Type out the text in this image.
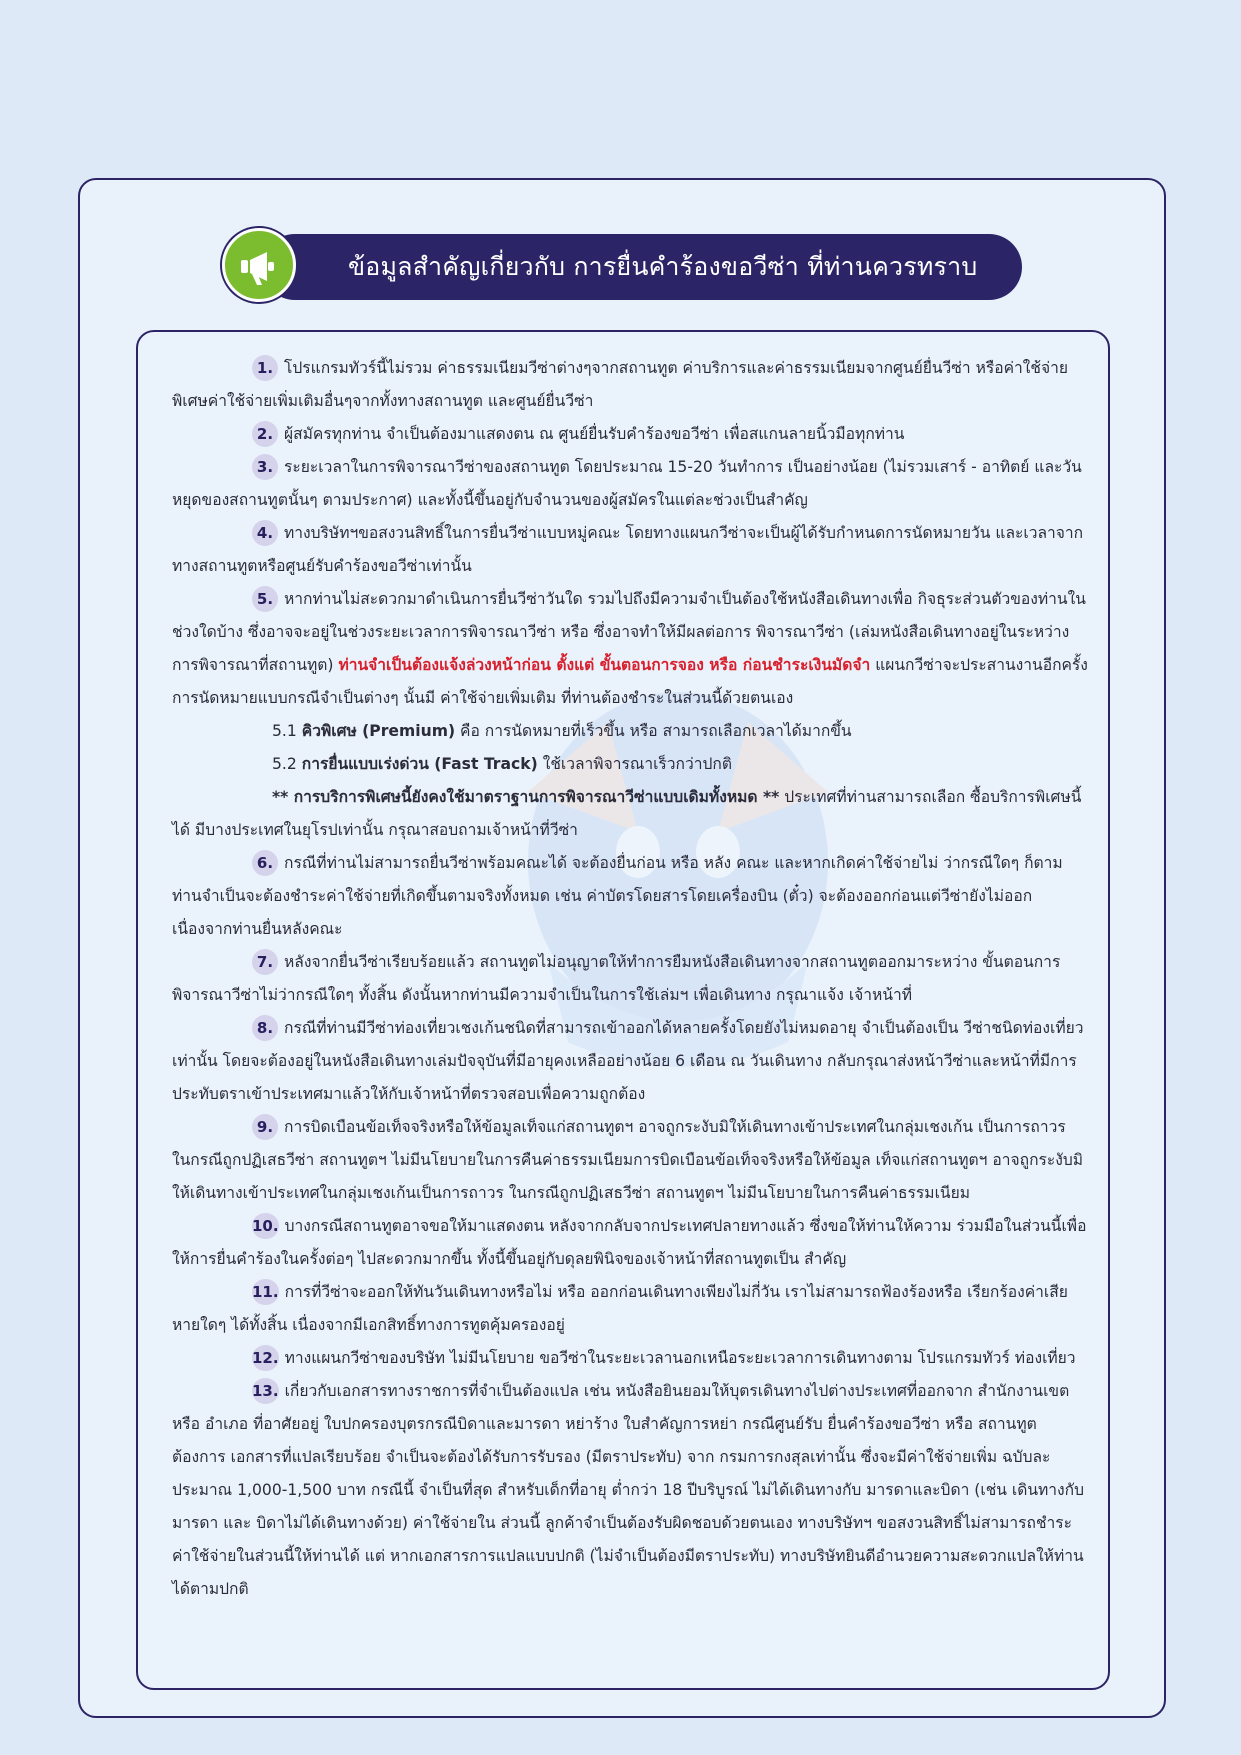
ข้อมูลสำคัญเกี่ยวกับ การยื่นคำร้องขอวีซ่า ที่ท่านควรทราบ

1. โปรแกรมทัวร์นี้ไม่รวม ค่าธรรมเนียมวีซ่าต่างๆจากสถานทูต ค่าบริการและค่าธรรมเนียมจากศูนย์ยื่นวีซ่า หรือค่าใช้จ่ายพิเศษค่าใช้จ่ายเพิ่มเติมอื่นๆจากทั้งทางสถานทูต และศูนย์ยื่นวีซ่า

2. ผู้สมัครทุกท่าน จำเป็นต้องมาแสดงตน ณ ศูนย์ยื่นรับคำร้องขอวีซ่า เพื่อสแกนลายนิ้วมือทุกท่าน

3. ระยะเวลาในการพิจารณาวีซ่าของสถานทูต โดยประมาณ 15-20 วันทำการ เป็นอย่างน้อย (ไม่รวมเสาร์ - อาทิตย์ และวันหยุดของสถานทูตนั้นๆ ตามประกาศ) และทั้งนี้ขึ้นอยู่กับจำนวนของผู้สมัครในแต่ละช่วงเป็นสำคัญ

4. ทางบริษัทฯขอสงวนสิทธิ์ในการยื่นวีซ่าแบบหมู่คณะ โดยทางแผนกวีซ่าจะเป็นผู้ได้รับกำหนดการนัดหมายวัน และเวลาจากทางสถานทูตหรือศูนย์รับคำร้องขอวีซ่าเท่านั้น

5. หากท่านไม่สะดวกมาดำเนินการยื่นวีซ่าวันใด รวมไปถึงมีความจำเป็นต้องใช้หนังสือเดินทางเพื่อ กิจธุระส่วนตัวของท่านในช่วงใดบ้าง ซึ่งอาจจะอยู่ในช่วงระยะเวลาการพิจารณาวีซ่า หรือ ซึ่งอาจทำให้มีผลต่อการ พิจารณาวีซ่า (เล่มหนังสือเดินทางอยู่ในระหว่างการพิจารณาที่สถานทูต) ท่านจำเป็นต้องแจ้งล่วงหน้าก่อน ตั้งแต่ ขั้นตอนการจอง หรือ ก่อนชำระเงินมัดจำ แผนกวีซ่าจะประสานงานอีกครั้ง การนัดหมายแบบกรณีจำเป็นต่างๆ นั้นมี ค่าใช้จ่ายเพิ่มเติม ที่ท่านต้องชำระในส่วนนี้ด้วยตนเอง

5.1 คิวพิเศษ (Premium) คือ การนัดหมายที่เร็วขึ้น หรือ สามารถเลือกเวลาได้มากขึ้น

5.2 การยื่นแบบเร่งด่วน (Fast Track) ใช้เวลาพิจารณาเร็วกว่าปกติ

** การบริการพิเศษนี้ยังคงใช้มาตราฐานการพิจารณาวีซ่าแบบเดิมทั้งหมด ** ประเทศที่ท่านสามารถเลือก ซื้อบริการพิเศษนี้ได้ มีบางประเทศในยุโรปเท่านั้น กรุณาสอบถามเจ้าหน้าที่วีซ่า

6. กรณีที่ท่านไม่สามารถยื่นวีซ่าพร้อมคณะได้ จะต้องยื่นก่อน หรือ หลัง คณะ และหากเกิดค่าใช้จ่ายไม่ ว่ากรณีใดๆ ก็ตาม ท่านจำเป็นจะต้องชำระค่าใช้จ่ายที่เกิดขึ้นตามจริงทั้งหมด เช่น ค่าบัตรโดยสารโดยเครื่องบิน (ตั๋ว) จะต้องออกก่อนแต่วีซ่ายังไม่ออก เนื่องจากท่านยื่นหลังคณะ

7. หลังจากยื่นวีซ่าเรียบร้อยแล้ว สถานทูตไม่อนุญาตให้ทำการยืมหนังสือเดินทางจากสถานทูตออกมาระหว่าง ขั้นตอนการพิจารณาวีซ่าไม่ว่ากรณีใดๆ ทั้งสิ้น ดังนั้นหากท่านมีความจำเป็นในการใช้เล่มฯ เพื่อเดินทาง กรุณาแจ้ง เจ้าหน้าที่

8. กรณีที่ท่านมีวีซ่าท่องเที่ยวเชงเก้นชนิดที่สามารถเข้าออกได้หลายครั้งโดยยังไม่หมดอายุ จำเป็นต้องเป็น วีซ่าชนิดท่องเที่ยวเท่านั้น โดยจะต้องอยู่ในหนังสือเดินทางเล่มปัจจุบันที่มีอายุคงเหลืออย่างน้อย 6 เดือน ณ วันเดินทาง กลับกรุณาส่งหน้าวีซ่าและหน้าที่มีการประทับตราเข้าประเทศมาแล้วให้กับเจ้าหน้าที่ตรวจสอบเพื่อความถูกต้อง

9. การบิดเบือนข้อเท็จจริงหรือให้ข้อมูลเท็จแก่สถานทูตฯ อาจถูกระงับมิให้เดินทางเข้าประเทศในกลุ่มเชงเก้น เป็นการถาวร ในกรณีถูกปฏิเสธวีซ่า สถานทูตฯ ไม่มีนโยบายในการคืนค่าธรรมเนียมการบิดเบือนข้อเท็จจริงหรือให้ข้อมูล เท็จแก่สถานทูตฯ อาจถูกระงับมิให้เดินทางเข้าประเทศในกลุ่มเชงเก้นเป็นการถาวร ในกรณีถูกปฏิเสธวีซ่า สถานทูตฯ ไม่มีนโยบายในการคืนค่าธรรมเนียม

10. บางกรณีสถานทูตอาจขอให้มาแสดงตน หลังจากกลับจากประเทศปลายทางแล้ว ซึ่งขอให้ท่านให้ความ ร่วมมือในส่วนนี้เพื่อให้การยื่นคำร้องในครั้งต่อๆ ไปสะดวกมากขึ้น ทั้งนี้ขึ้นอยู่กับดุลยพินิจของเจ้าหน้าที่สถานทูตเป็น สำคัญ

11. การที่วีซ่าจะออกให้ทันวันเดินทางหรือไม่ หรือ ออกก่อนเดินทางเพียงไม่กี่วัน เราไม่สามารถฟ้องร้องหรือ เรียกร้องค่าเสียหายใดๆ ได้ทั้งสิ้น เนื่องจากมีเอกสิทธิ์ทางการทูตคุ้มครองอยู่

12. ทางแผนกวีซ่าของบริษัท ไม่มีนโยบาย ขอวีซ่าในระยะเวลานอกเหนือระยะเวลาการเดินทางตาม โปรแกรมทัวร์ ท่องเที่ยว

13. เกี่ยวกับเอกสารทางราชการที่จำเป็นต้องแปล เช่น หนังสือยินยอมให้บุตรเดินทางไปต่างประเทศที่ออกจาก สำนักงานเขต หรือ อำเภอ ที่อาศัยอยู่ ใบปกครองบุตรกรณีบิดาและมารดา หย่าร้าง ใบสำคัญการหย่า กรณีศูนย์รับ ยื่นคำร้องขอวีซ่า หรือ สถานทูตต้องการ เอกสารที่แปลเรียบร้อย จำเป็นจะต้องได้รับการรับรอง (มีตราประทับ) จาก กรมการกงสุลเท่านั้น ซึ่งจะมีค่าใช้จ่ายเพิ่ม ฉบับละ ประมาณ 1,000-1,500 บาท กรณีนี้ จำเป็นที่สุด สำหรับเด็กที่อายุ ต่ำกว่า 18 ปีบริบูรณ์ ไม่ได้เดินทางกับ มารดาและบิดา (เช่น เดินทางกับมารดา และ บิดาไม่ได้เดินทางด้วย) ค่าใช้จ่ายใน ส่วนนี้ ลูกค้าจำเป็นต้องรับผิดชอบด้วยตนเอง ทางบริษัทฯ ขอสงวนสิทธิ์ไม่สามารถชำระค่าใช้จ่ายในส่วนนี้ให้ท่านได้ แต่ หากเอกสารการแปลแบบปกติ (ไม่จำเป็นต้องมีตราประทับ) ทางบริษัทยินดีอำนวยความสะดวกแปลให้ท่านได้ตามปกติ
